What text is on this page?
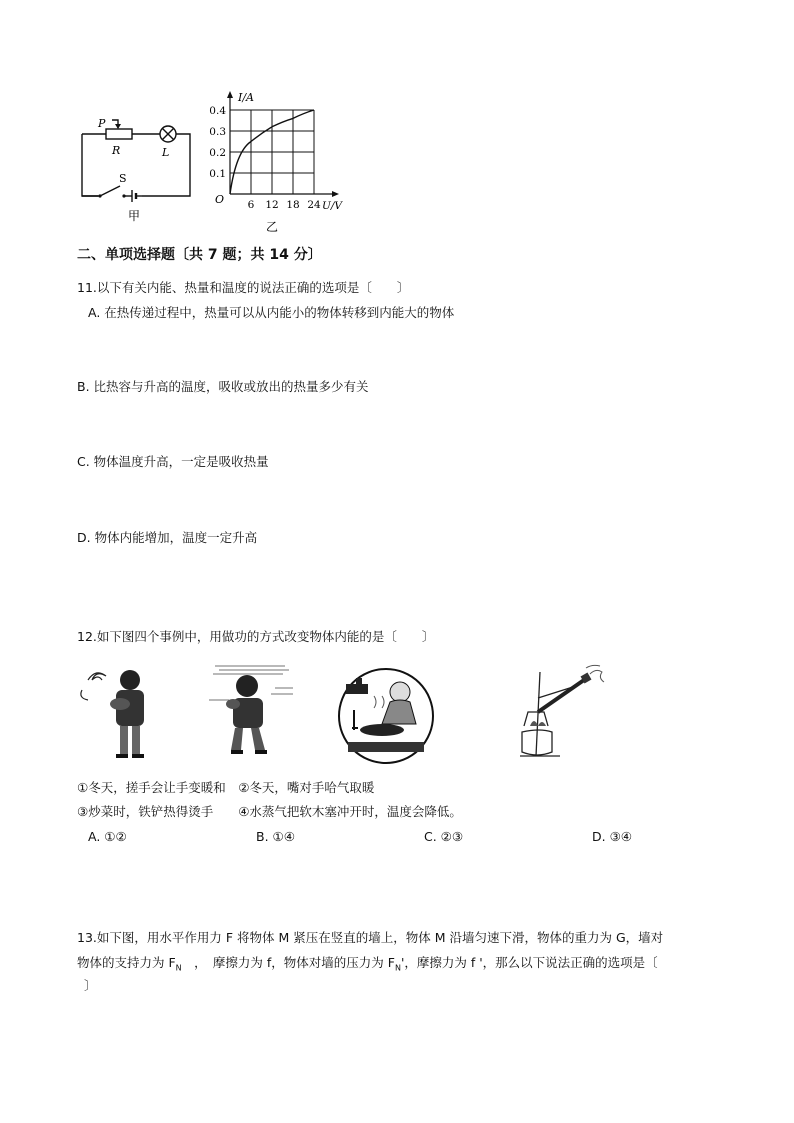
P
R	L
S
甲
6 12 18 24
0.1
0.2
0.3
0.4
I/A
U/V
O
乙
二、单项选择题〔共 7 题；共 14 分〕
11.以下有关内能、热量和温度的说法正确的选项是〔　　〕
A. 在热传递过程中，热量可以从内能小的物体转移到内能大的物体
B. 比热容与升高的温度，吸收或放出的热量多少有关
C. 物体温度升高，一定是吸收热量
D. 物体内能增加，温度一定升高
12.如下图四个事例中，用做功的方式改变物体内能的是〔　　〕
①冬天，搓手会让手变暖和　②冬天，嘴对手哈气取暖
③炒菜时，铁铲热得烫手　　④水蒸气把软木塞冲开时，温度会降低。
A. ①②	B. ①④	C. ②③	D. ③④
13.如下图，用水平作用力 F 将物体 M 紧压在竖直的墙上，物体 M 沿墙匀速下滑，物体的重力为 G，墙对
物体的支持力为 $F_N$　，　摩擦力为 f，物体对墙的压力为 $F_N'$，摩擦力为 f '，那么以下说法正确的选项是〔
〕
